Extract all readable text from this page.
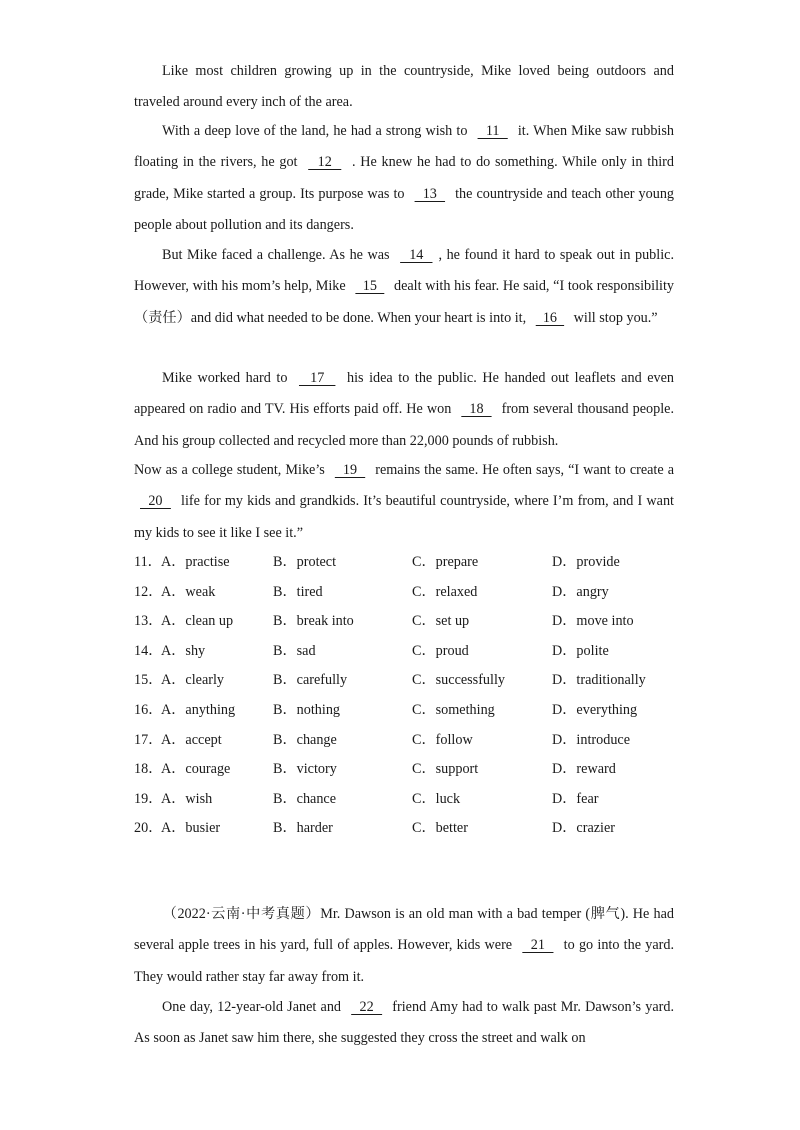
Like most children growing up in the countryside, Mike loved being outdoors and traveled around every inch of the area.

With a deep love of the land, he had a strong wish to   11   it. When Mike saw rubbish floating in the rivers, he got   12   . He knew he had to do something. While only in third grade, Mike started a group. Its purpose was to   13   the countryside and teach other young people about pollution and its dangers.

But Mike faced a challenge. As he was   14  , he found it hard to speak out in public. However, with his mom’s help, Mike   15   dealt with his fear. He said, “I took responsibility（责任）and did what needed to be done. When your heart is into it,   16   will stop you.”

Mike worked hard to   17   his idea to the public. He handed out leaflets and even appeared on radio and TV. His efforts paid off. He won   18   from several thousand people. And his group collected and recycled more than 22,000 pounds of rubbish.

Now as a college student, Mike’s   19   remains the same. He often says, “I want to create a   20   life for my kids and grandkids. It’s beautiful countryside, where I’m from, and I want my kids to see it like I see it.”

11． A．practise	B．protect	C．prepare	D．provide
12．
A．weak	B．tired	C．relaxed	D．angry
13．
A．clean up	B．break into	C．set up	D．move into
14．
A．shy	B．sad	C．proud	D．polite
15．
A．clearly	B．carefully	C．successfully	D．traditionally
16．
A．anything	B．nothing	C．something	D．everything
17．
A．accept	B．change	C．follow	D．introduce
18．
A．courage	B．victory	C．support	D．reward
19．
A．wish	B．chance	C．luck	D．fear
20．
A．busier	B．harder	C．better	D．crazier

（2022·云南·中考真题）Mr. Dawson is an old man with a bad temper (脾气). He had several apple trees in his yard, full of apples. However, kids were   21   to go into the yard. They would rather stay far away from it.

One day, 12-year-old Janet and   22   friend Amy had to walk past Mr. Dawson’s yard. As soon as Janet saw him there, she suggested they cross the street and walk on
